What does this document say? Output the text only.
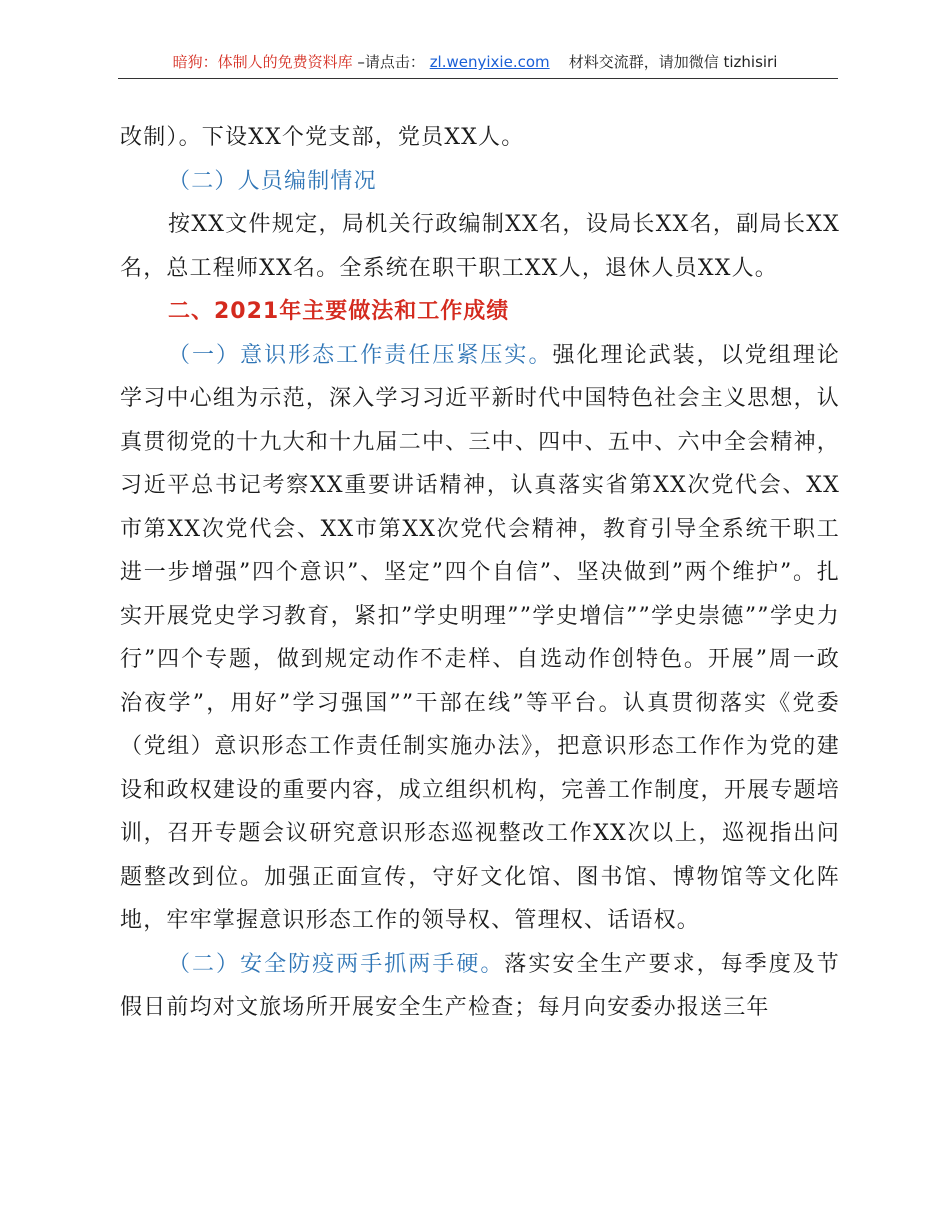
暗狗：体制人的免费资料库 –请点击： zl.wenyixie.com 材料交流群，请加微信 tizhisiri

改制）。下设XX个党支部，党员XX人。

（二）人员编制情况

按XX文件规定，局机关行政编制XX名，设局长XX名，副局长XX名，总工程师XX名。全系统在职干职工XX人，退休人员XX人。

二、2021年主要做法和工作成绩

（一）意识形态工作责任压紧压实。强化理论武装，以党组理论学习中心组为示范，深入学习习近平新时代中国特色社会主义思想，认真贯彻党的十九大和十九届二中、三中、四中、五中、六中全会精神，习近平总书记考察XX重要讲话精神，认真落实省第XX次党代会、XX市第XX次党代会、XX市第XX次党代会精神，教育引导全系统干职工进一步增强”四个意识”、坚定”四个自信”、坚决做到”两个维护”。扎实开展党史学习教育，紧扣”学史明理””学史增信””学史崇德””学史力行”四个专题，做到规定动作不走样、自选动作创特色。开展”周一政治夜学”，用好”学习强国””干部在线”等平台。认真贯彻落实《党委（党组）意识形态工作责任制实施办法》，把意识形态工作作为党的建设和政权建设的重要内容，成立组织机构，完善工作制度，开展专题培训，召开专题会议研究意识形态巡视整改工作XX次以上，巡视指出问题整改到位。加强正面宣传，守好文化馆、图书馆、博物馆等文化阵地，牢牢掌握意识形态工作的领导权、管理权、话语权。

（二）安全防疫两手抓两手硬。落实安全生产要求，每季度及节假日前均对文旅场所开展安全生产检查；每月向安委办报送三年
